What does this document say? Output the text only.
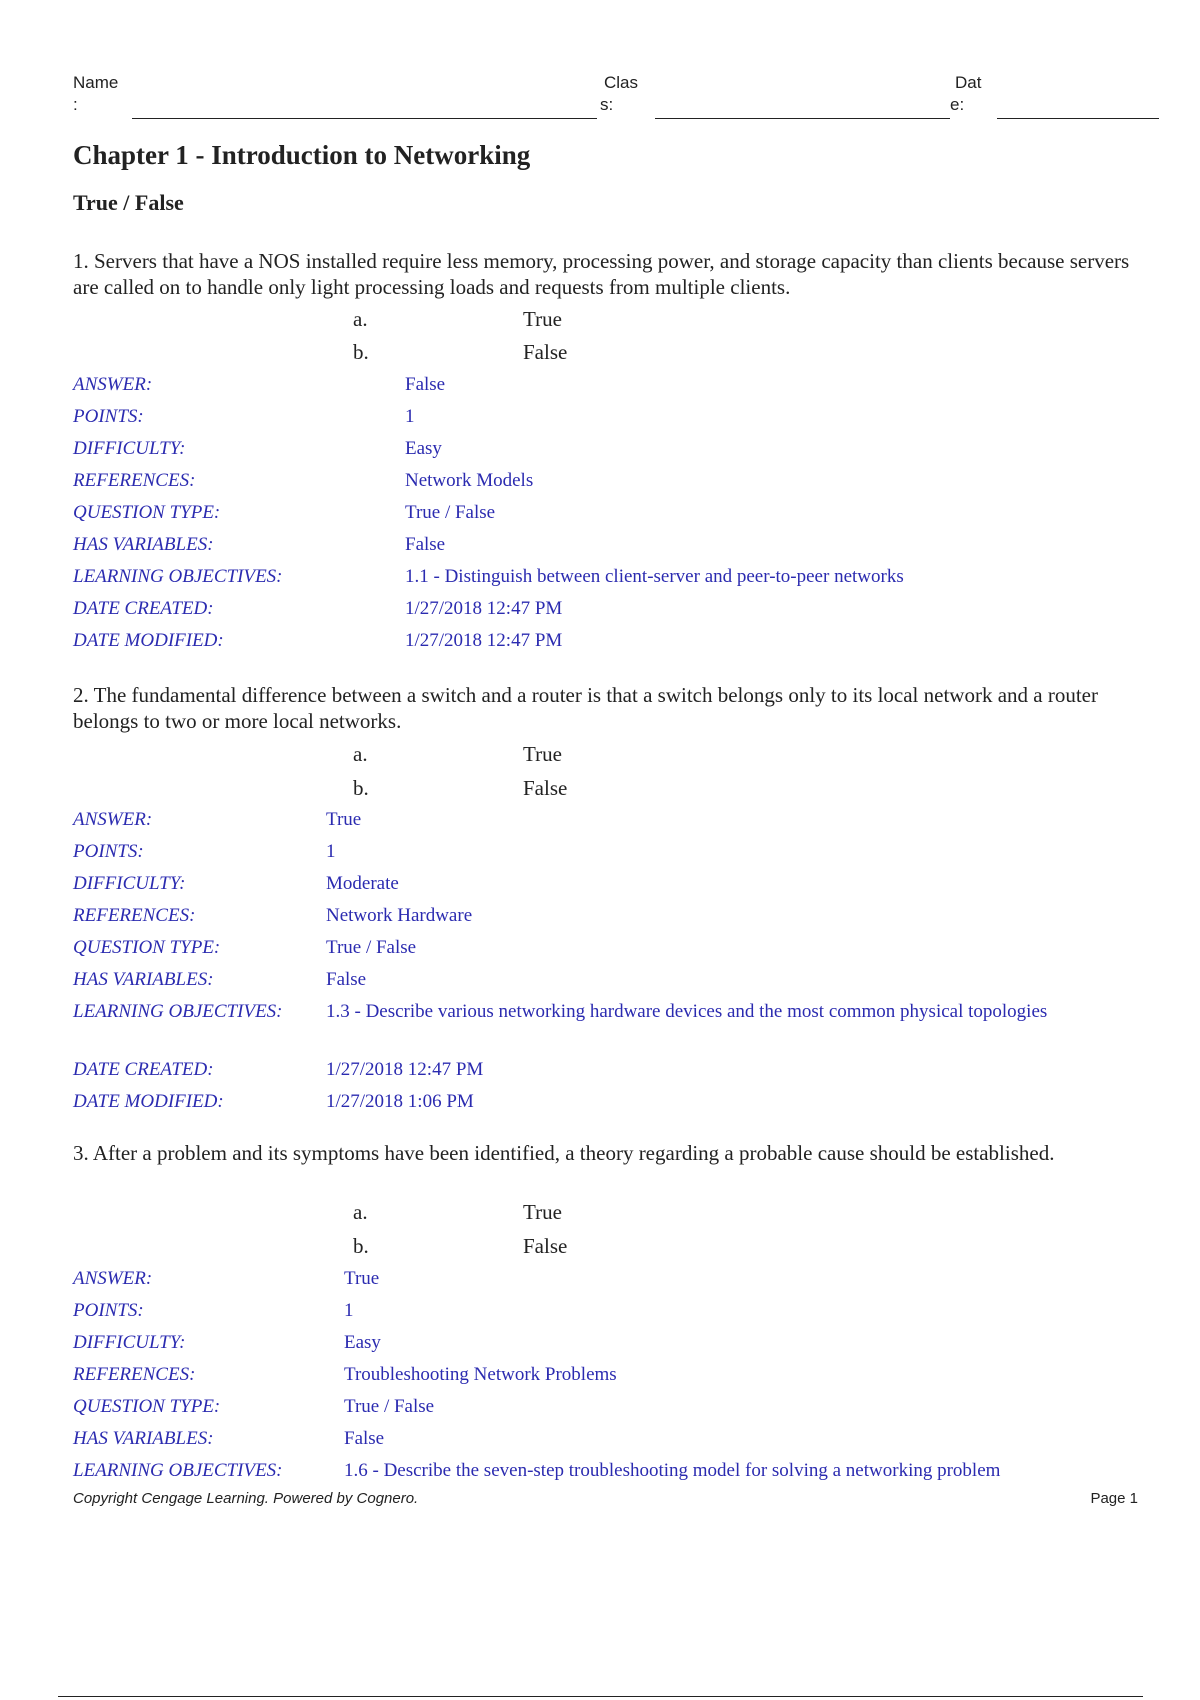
Name
:
Clas
s:
Dat
e:
Chapter 1 - Introduction to Networking
True / False
1. Servers that have a NOS installed require less memory, processing power, and storage capacity than clients because servers are called on to handle only light processing loads and requests from multiple clients.
a.	True
b.	False
ANSWER:	False
POINTS:	1
DIFFICULTY:	Easy
REFERENCES:	Network Models
QUESTION TYPE:	True / False
HAS VARIABLES:	False
LEARNING OBJECTIVES:	1.1 - Distinguish between client-server and peer-to-peer networks
DATE CREATED:	1/27/2018 12:47 PM
DATE MODIFIED:	1/27/2018 12:47 PM
2. The fundamental difference between a switch and a router is that a switch belongs only to its local network and a router belongs to two or more local networks.
a.	True
b.	False
ANSWER:	True
POINTS:	1
DIFFICULTY:	Moderate
REFERENCES:	Network Hardware
QUESTION TYPE:	True / False
HAS VARIABLES:	False
LEARNING OBJECTIVES: 1.3 - Describe various networking hardware devices and the most common physical topologies
DATE CREATED:	1/27/2018 12:47 PM
DATE MODIFIED:	1/27/2018 1:06 PM
3. After a problem and its symptoms have been identified, a theory regarding a probable cause should be established.
a.	True
b.	False
ANSWER:	True
POINTS:	1
DIFFICULTY:	Easy
REFERENCES:	Troubleshooting Network Problems
QUESTION TYPE:	True / False
HAS VARIABLES:	False
LEARNING OBJECTIVES:	1.6 - Describe the seven-step troubleshooting model for solving a networking problem
Copyright Cengage Learning. Powered by Cognero.	Page 1
